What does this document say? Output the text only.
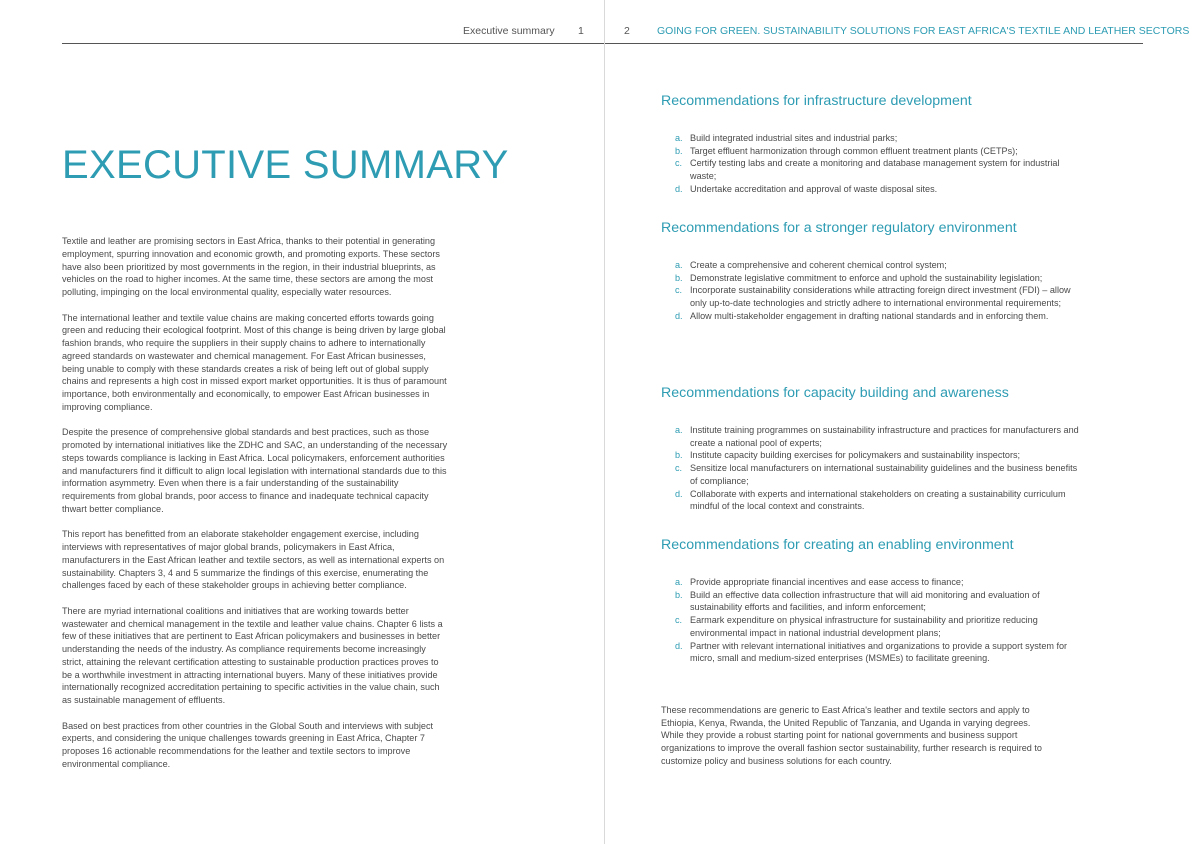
Executive summary 1
EXECUTIVE SUMMARY

Textile and leather are promising sectors in East Africa, thanks to their potential in generating employment, spurring innovation and economic growth, and promoting exports. These sectors have also been prioritized by most governments in the region, in their industrial blueprints, as vehicles on the road to higher incomes. At the same time, these sectors are among the most polluting, impinging on the local environmental quality, especially water resources.

The international leather and textile value chains are making concerted efforts towards going green and reducing their ecological footprint. Most of this change is being driven by large global fashion brands, who require the suppliers in their supply chains to adhere to internationally agreed standards on wastewater and chemical management. For East African businesses, being unable to comply with these standards creates a risk of being left out of global supply chains and represents a high cost in missed export market opportunities. It is thus of paramount importance, both environmentally and economically, to empower East African businesses in improving compliance.

Despite the presence of comprehensive global standards and best practices, such as those promoted by international initiatives like the ZDHC and SAC, an understanding of the necessary steps towards compliance is lacking in East Africa. Local policymakers, enforcement authorities and manufacturers find it difficult to align local legislation with international standards due to this information asymmetry. Even when there is a fair understanding of the sustainability requirements from global brands, poor access to finance and inadequate technical capacity thwart better compliance.

This report has benefitted from an elaborate stakeholder engagement exercise, including interviews with representatives of major global brands, policymakers in East Africa, manufacturers in the East African leather and textile sectors, as well as international experts on sustainability. Chapters 3, 4 and 5 summarize the findings of this exercise, enumerating the challenges faced by each of these stakeholder groups in achieving better compliance.

There are myriad international coalitions and initiatives that are working towards better wastewater and chemical management in the textile and leather value chains. Chapter 6 lists a few of these initiatives that are pertinent to East African policymakers and businesses in better understanding the needs of the industry. As compliance requirements become increasingly strict, attaining the relevant certification attesting to sustainable production practices proves to be a worthwhile investment in attracting international buyers. Many of these initiatives provide internationally recognized accreditation pertaining to specific activities in the value chain, such as sustainable management of effluents.

Based on best practices from other countries in the Global South and interviews with subject experts, and considering the unique challenges towards greening in East Africa, Chapter 7 proposes 16 actionable recommendations for the leather and textile sectors to improve environmental compliance.

2	GOING FOR GREEN. SUSTAINABILITY SOLUTIONS FOR EAST AFRICA'S TEXTILE AND LEATHER SECTORS
Recommendations for infrastructure development
a. Build integrated industrial sites and industrial parks;
b. Target effluent harmonization through common effluent treatment plants (CETPs);
c. Certify testing labs and create a monitoring and database management system for industrial waste;
d. Undertake accreditation and approval of waste disposal sites.
Recommendations for a stronger regulatory environment
a. Create a comprehensive and coherent chemical control system;
b. Demonstrate legislative commitment to enforce and uphold the sustainability legislation;
c. Incorporate sustainability considerations while attracting foreign direct investment (FDI) – allow only up-to-date technologies and strictly adhere to international environmental requirements;
d. Allow multi-stakeholder engagement in drafting national standards and in enforcing them.
Recommendations for capacity building and awareness
a. Institute training programmes on sustainability infrastructure and practices for manufacturers and create a national pool of experts;
b. Institute capacity building exercises for policymakers and sustainability inspectors;
c. Sensitize local manufacturers on international sustainability guidelines and the business benefits of compliance;
d. Collaborate with experts and international stakeholders on creating a sustainability curriculum mindful of the local context and constraints.
Recommendations for creating an enabling environment
a. Provide appropriate financial incentives and ease access to finance;
b. Build an effective data collection infrastructure that will aid monitoring and evaluation of sustainability efforts and facilities, and inform enforcement;
c. Earmark expenditure on physical infrastructure for sustainability and prioritize reducing environmental impact in national industrial development plans;
d. Partner with relevant international initiatives and organizations to provide a support system for micro, small and medium-sized enterprises (MSMEs) to facilitate greening.

These recommendations are generic to East Africa's leather and textile sectors and apply to Ethiopia, Kenya, Rwanda, the United Republic of Tanzania, and Uganda in varying degrees. While they provide a robust starting point for national governments and business support organizations to improve the overall fashion sector sustainability, further research is required to customize policy and business solutions for each country.
